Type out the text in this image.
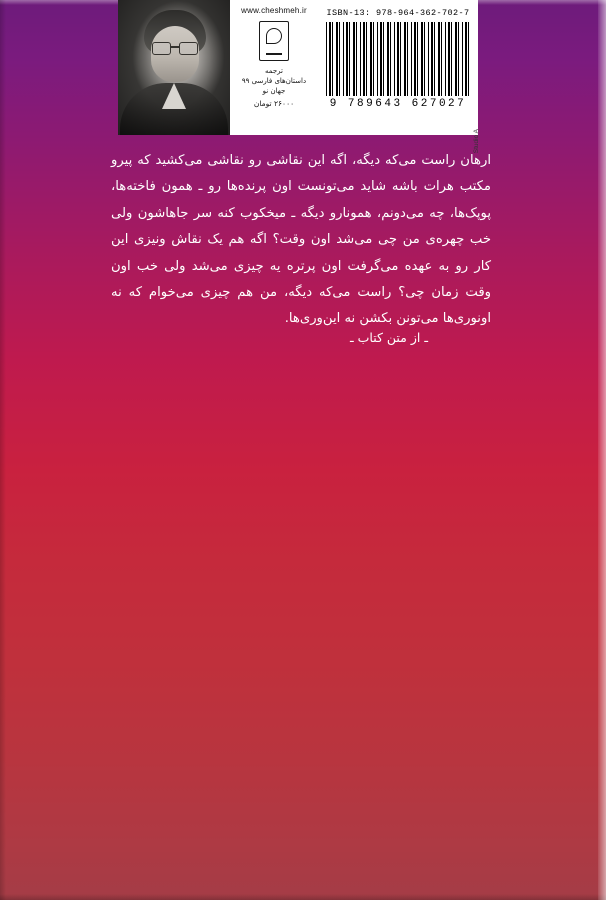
www.cheshmeh.ir
ترجمه
داستان‌های فارسی ۹۹
جهان نو
۲۶۰۰۰ تومان
ISBN-13: 978-964-362-702-7
9 789643 627027
Studio A
ارهان راست می‌که دیگه، اگه این نقاشی رو نقاشی می‌کشید که پیرو مکتب هرات باشه شاید می‌تونست اون پرنده‌ها رو ـ همون فاخته‌ها، پوپک‌ها، چه می‌دونم، همونارو دیگه ـ میخکوب کنه سر جاهاشون ولی خب چهره‌ی من چی می‌شد اون وقت؟ اگه هم یک نقاش ونیزی این کار رو به عهده می‌گرفت اون پرتره یه چیزی می‌شد ولی خب اون وقت زمان چی؟ راست می‌که دیگه، من هم چیزی می‌خوام که نه اونوری‌ها می‌تونن بکشن نه این‌وری‌ها.
ـ از متن کتاب ـ
